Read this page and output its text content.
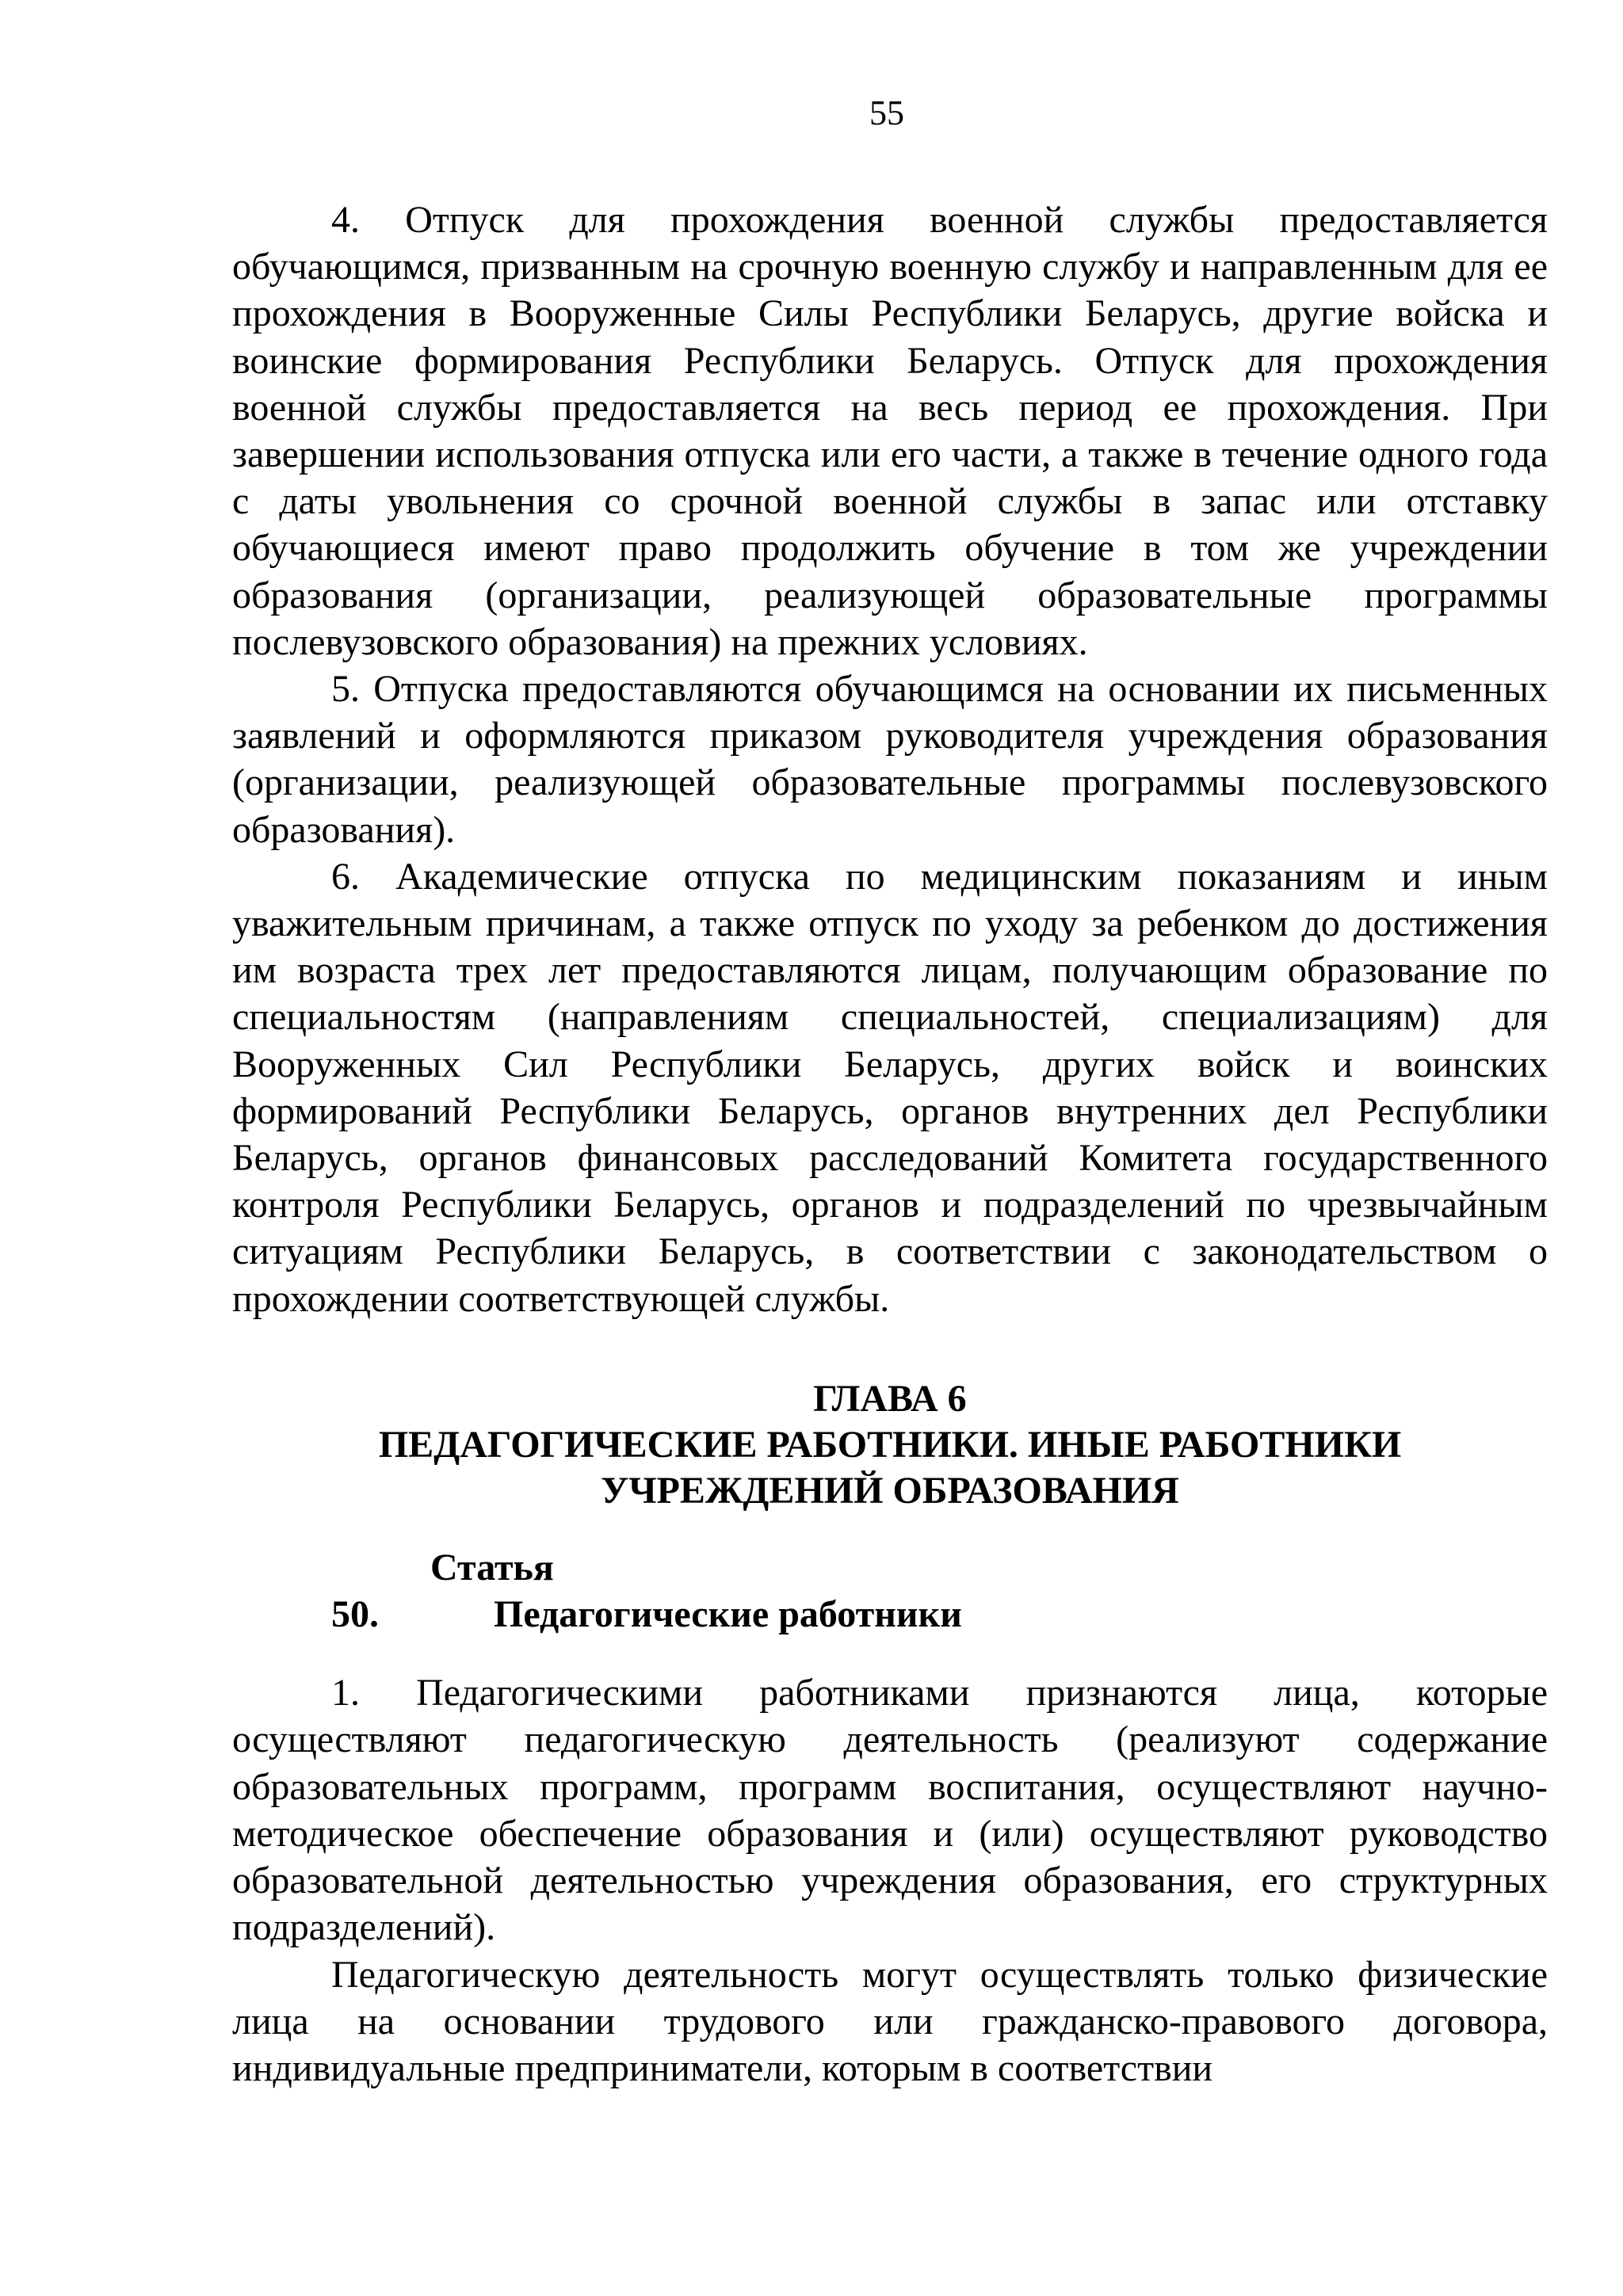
55

4. Отпуск для прохождения военной службы предоставляется обучающимся, призванным на срочную военную службу и направленным для ее прохождения в Вооруженные Силы Республики Беларусь, другие войска и воинские формирования Республики Беларусь. Отпуск для прохождения военной службы предоставляется на весь период ее прохождения. При завершении использования отпуска или его части, а также в течение одного года с даты увольнения со срочной военной службы в запас или отставку обучающиеся имеют право продолжить обучение в том же учреждении образования (организации, реализующей образовательные программы послевузовского образования) на прежних условиях.

5. Отпуска предоставляются обучающимся на основании их письменных заявлений и оформляются приказом руководителя учреждения образования (организации, реализующей образовательные программы послевузовского образования).

6. Академические отпуска по медицинским показаниям и иным уважительным причинам, а также отпуск по уходу за ребенком до достижения им возраста трех лет предоставляются лицам, получающим образование по специальностям (направлениям специальностей, специализациям) для Вооруженных Сил Республики Беларусь, других войск и воинских формирований Республики Беларусь, органов внутренних дел Республики Беларусь, органов финансовых расследований Комитета государственного контроля Республики Беларусь, органов и подразделений по чрезвычайным ситуациям Республики Беларусь, в соответствии с законодательством о прохождении соответствующей службы.

ГЛАВА 6
ПЕДАГОГИЧЕСКИЕ РАБОТНИКИ. ИНЫЕ РАБОТНИКИ
УЧРЕЖДЕНИЙ ОБРАЗОВАНИЯ

Статья 50.	Педагогические работники

1. Педагогическими работниками признаются лица, которые осуществляют педагогическую деятельность (реализуют содержание образовательных программ, программ воспитания, осуществляют научно-методическое обеспечение образования и (или) осуществляют руководство образовательной деятельностью учреждения образования, его структурных подразделений).

Педагогическую деятельность могут осуществлять только физические лица на основании трудового или гражданско-правового договора, индивидуальные предприниматели, которым в соответствии
